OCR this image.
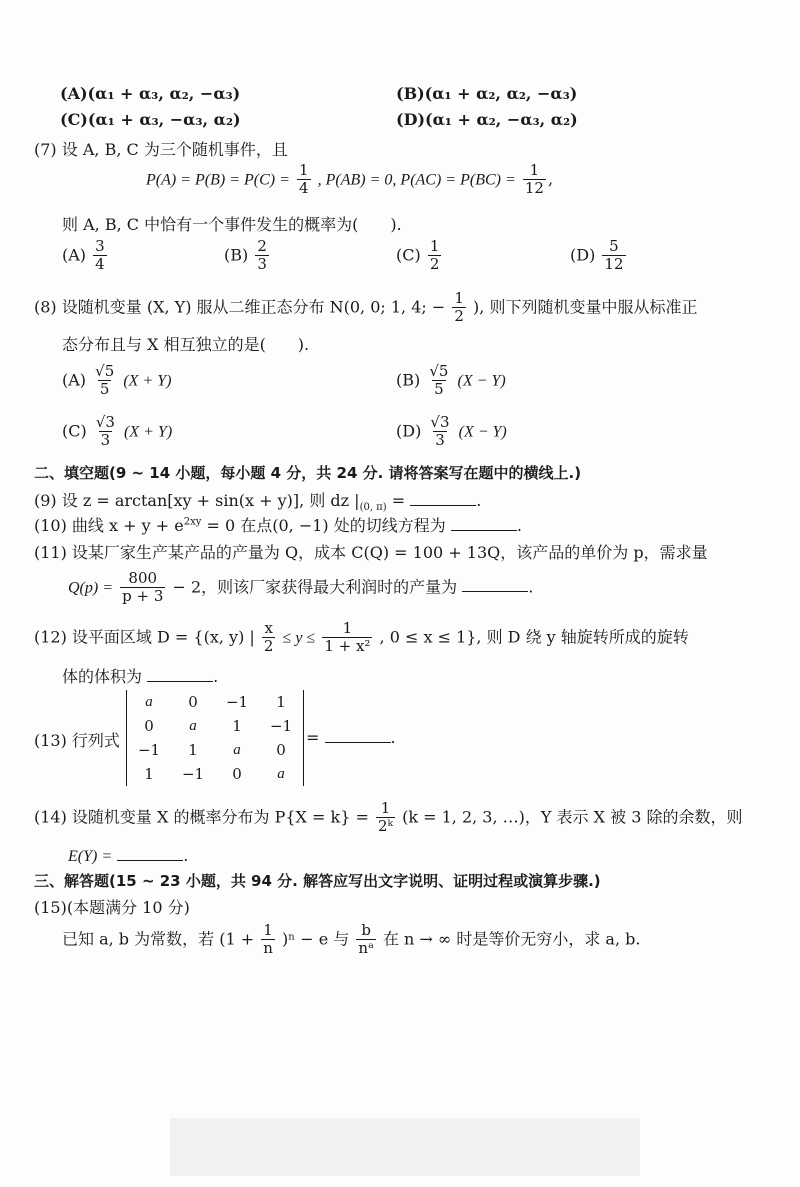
(A)(α₁ + α₃, α₂, −α₃)	(B)(α₁ + α₂, α₂, −α₃)
(C)(α₁ + α₃, −α₃, α₂)	(D)(α₁ + α₂, −α₃, α₂)
(7) 设 A, B, C 为三个随机事件，且
$P(A) = P(B) = P(C) = \frac{1}{4}$ , P(AB) = 0, $P(AC) = P(BC) = \frac{1}{12}$ ,
则 A, B, C 中恰有一个事件发生的概率为(　　).
$(A) \frac{3}{4}$	$(B) \frac{2}{3}$	$(C) \frac{1}{2}$	$(D) \frac{5}{12}$
(8) 设随机变量 (X, Y) 服从二维正态分布 N(0, 0; 1, 4; − $\frac{1}{2}$ ), 则下列随机变量中服从标准正
态分布且与 X 相互独立的是(　　).
$(A) \frac{√5}{5} (X + Y)$	$(B) \frac{√5}{5} (X - Y)$
$(C) \frac{√3}{3} (X + Y)$	$(D) \frac{√3}{3} (X - Y)$
二、填空题(9 ~ 14 小题，每小题 4 分，共 24 分. 请将答案写在题中的横线上.)
(9) 设 z = arctan[xy + sin(x + y)], 则 dz $|_{(0, \pi)}$ =	.
(10) 曲线 $x + y + e^{2xy} = 0$ 在点(0, −1) 处的切线方程为	.
(11) 设某厂家生产某产品的产量为 Q，成本 C(Q) = 100 + 13Q，该产品的单价为 p，需求量
$Q(p) = \frac{800}{p + 3} - 2$，则该厂家获得最大利润时的产量为	.
(12) 设平面区域 D = {(x, y) | $\frac{x}{2} \le y \le \frac{1}{\text{1 + x²}}$ , 0 ≤ x ≤ 1}, 则 D 绕 y 轴旋转所成的旋转
体的体积为	.
(13) 行列式
a	0	−1	1
0	a	1	−1
−1	1	a	0
1	−1	0	a
=	.
(14) 设随机变量 X 的概率分布为 $P\{X = k\} = \frac{1}{\text{2ᵏ}} (k = 1$, 2, 3, …)，Y 表示 X 被 3 除的余数，则
E(Y) =	.
三、解答题(15 ~ 23 小题，共 94 分. 解答应写出文字说明、证明过程或演算步骤.)
(15)(本题满分 10 分)
已知 a, b 为常数，若 $(1 + \frac{1}{n} )^n - e$ 与 $\frac{b}{\text{nᵃ}}$ 在 n → ∞ 时是等价无穷小，求 a, b.
